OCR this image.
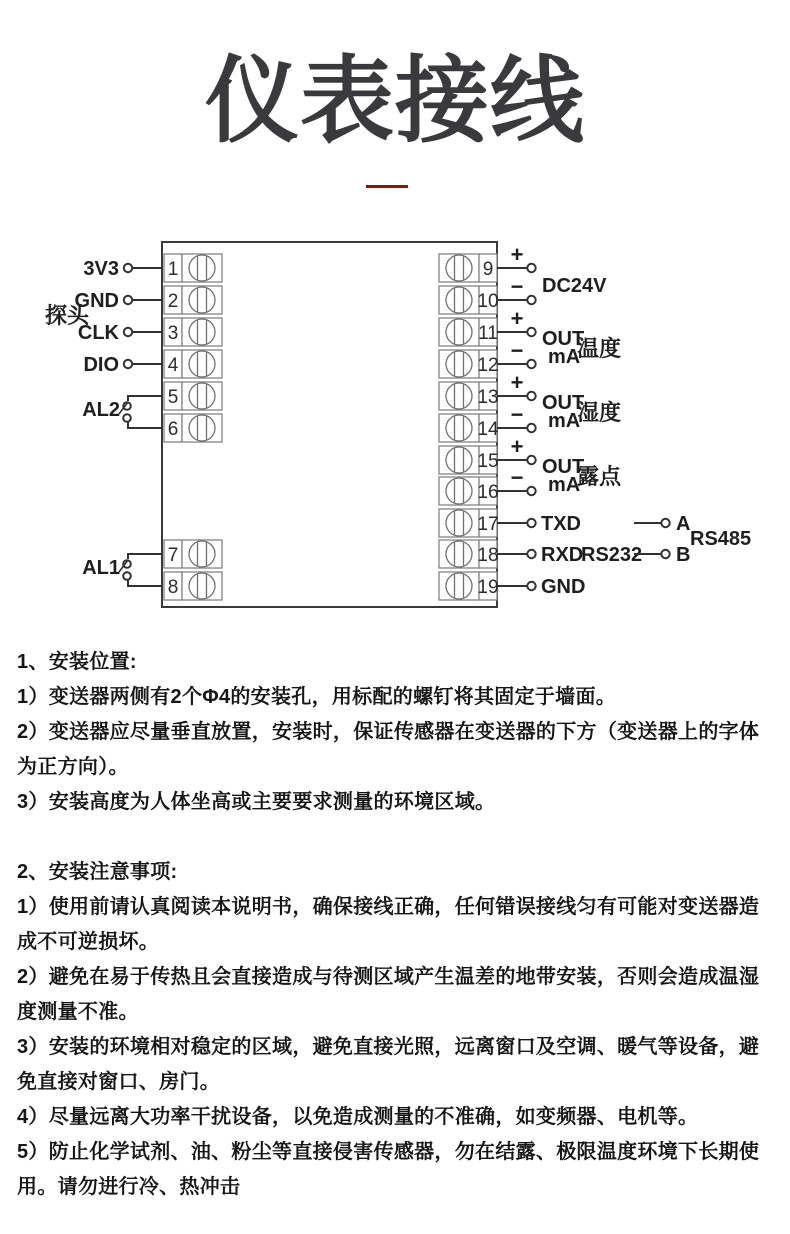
仪表接线
探头
AL2
AL1
DC24V
OUT
mA
温度
OUT
mA
湿度
OUT
mA
露点
RS232
A
B
RS485
1
3V3
2
GND
3
CLK
4
DIO
5
6
7
8
9
+
10
−
11
+
12
−
13
+
14
−
15
+
16
−
17 TXD
18 RXD
19 GND
1、安装位置:
1）变送器两侧有2个Φ4的安装孔，用标配的螺钉将其固定于墙面。
2）变送器应尽量垂直放置，安装时，保证传感器在变送器的下方（变送器上的字体
为正方向）。
3）安装高度为人体坐高或主要要求测量的环境区域。
2、安装注意事项:
1）使用前请认真阅读本说明书，确保接线正确，任何错误接线匀有可能对变送器造
成不可逆损坏。
2）避免在易于传热且会直接造成与待测区域产生温差的地带安装，否则会造成温湿
度测量不准。
3）安装的环境相对稳定的区域，避免直接光照，远离窗口及空调、暖气等设备，避
免直接对窗口、房门。
4）尽量远离大功率干扰设备，以免造成测量的不准确，如变频器、电机等。
5）防止化学试剂、油、粉尘等直接侵害传感器，勿在结露、极限温度环境下长期使
用。请勿进行冷、热冲击
